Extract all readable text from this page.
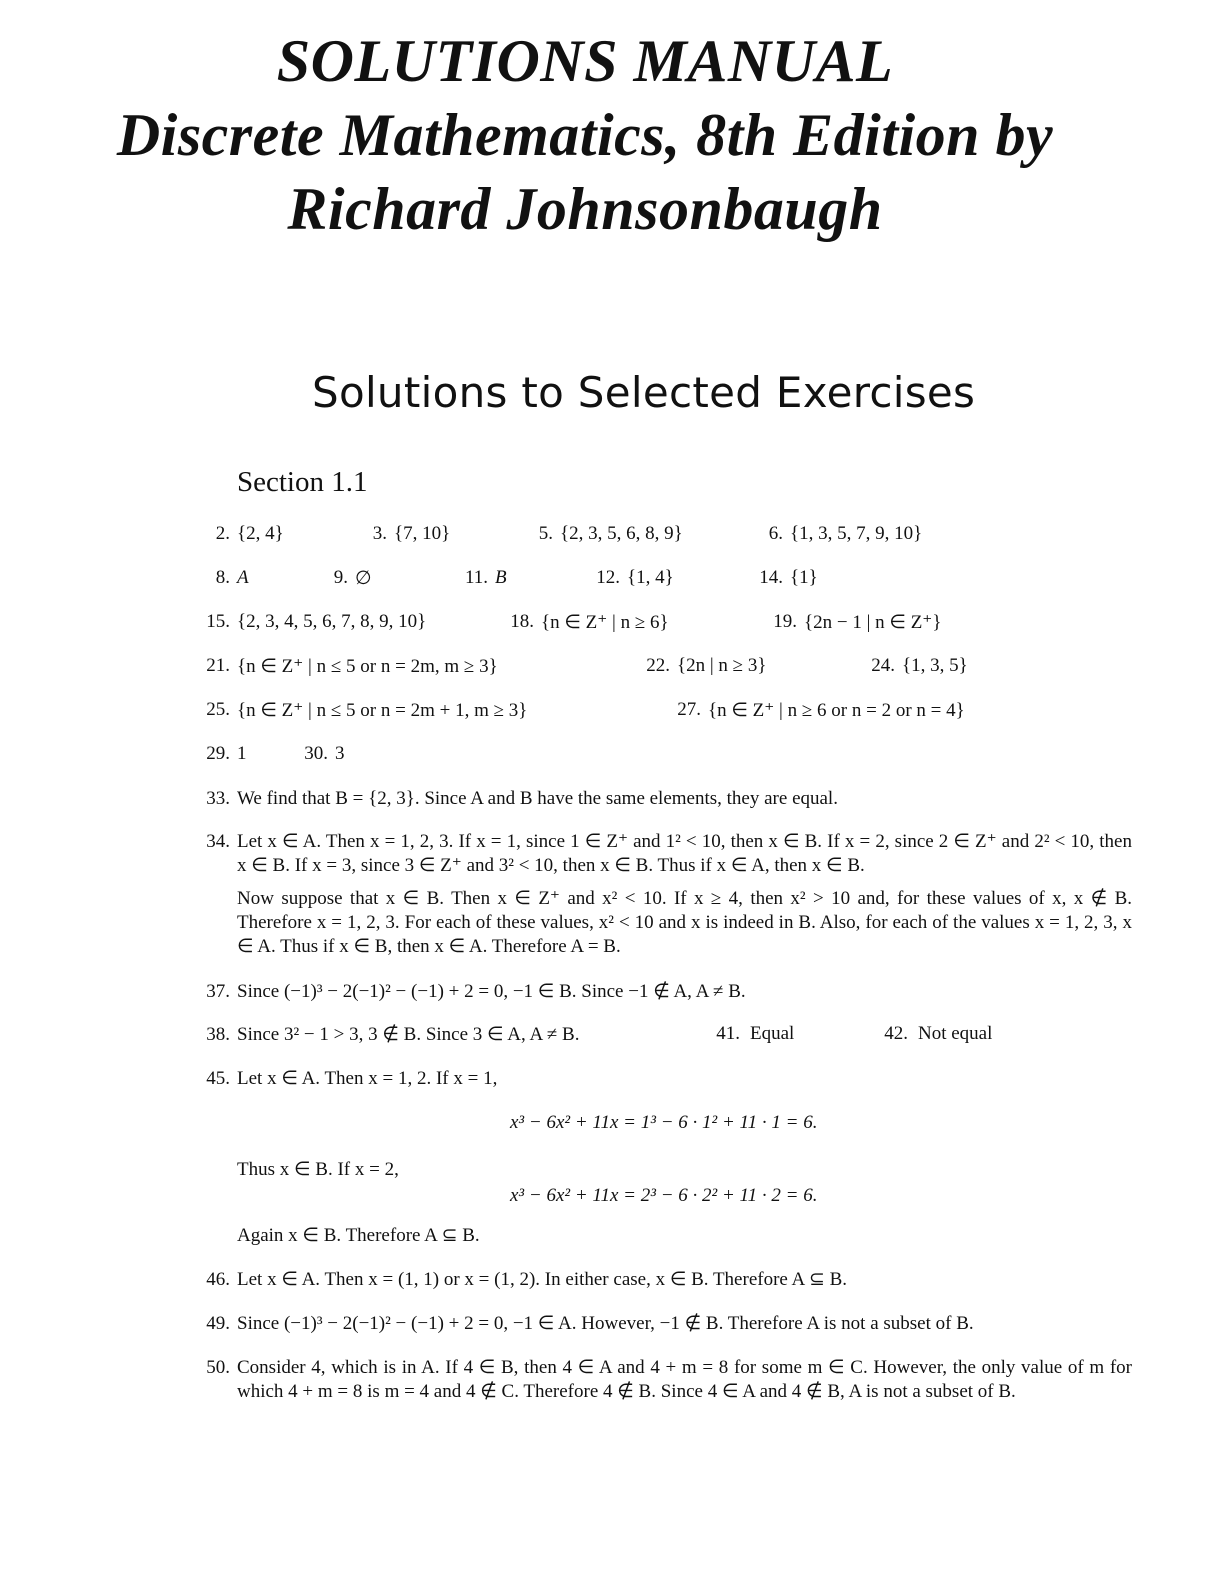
SOLUTIONS MANUAL
Discrete Mathematics, 8th Edition by
Richard Johnsonbaugh
Solutions to Selected Exercises
Section 1.1
2. {2, 4}	3. {7, 10}	5. {2, 3, 5, 6, 8, 9}	6. {1, 3, 5, 7, 9, 10}
8. A	9. ∅	11. B	12. {1, 4}	14. {1}
15. {2, 3, 4, 5, 6, 7, 8, 9, 10}	18. {n ∈ Z⁺ | n ≥ 6}	19. {2n − 1 | n ∈ Z⁺}
21. {n ∈ Z⁺ | n ≤ 5 or n = 2m, m ≥ 3}	22. {2n | n ≥ 3}	24. {1, 3, 5}
25. {n ∈ Z⁺ | n ≤ 5 or n = 2m + 1, m ≥ 3}	27. {n ∈ Z⁺ | n ≥ 6 or n = 2 or n = 4}
29. 1	30. 3
33. We find that B = {2, 3}. Since A and B have the same elements, they are equal.
34. Let x ∈ A. Then x = 1, 2, 3. If x = 1, since 1 ∈ Z⁺ and 1² < 10, then x ∈ B. If x = 2, since 2 ∈ Z⁺ and 2² < 10, then x ∈ B. If x = 3, since 3 ∈ Z⁺ and 3² < 10, then x ∈ B. Thus if x ∈ A, then x ∈ B.
Now suppose that x ∈ B. Then x ∈ Z⁺ and x² < 10. If x ≥ 4, then x² > 10 and, for these values of x, x ∉ B. Therefore x = 1, 2, 3. For each of these values, x² < 10 and x is indeed in B. Also, for each of the values x = 1, 2, 3, x ∈ A. Thus if x ∈ B, then x ∈ A. Therefore A = B.
37. Since (−1)³ − 2(−1)² − (−1) + 2 = 0, −1 ∈ B. Since −1 ∉ A, A ≠ B.
38. Since 3² − 1 > 3, 3 ∉ B. Since 3 ∈ A, A ≠ B.	41. Equal	42. Not equal
45. Let x ∈ A. Then x = 1, 2. If x = 1,
x³ − 6x² + 11x = 1³ − 6 · 1² + 11 · 1 = 6.
Thus x ∈ B. If x = 2,
x³ − 6x² + 11x = 2³ − 6 · 2² + 11 · 2 = 6.
Again x ∈ B. Therefore A ⊆ B.
46. Let x ∈ A. Then x = (1, 1) or x = (1, 2). In either case, x ∈ B. Therefore A ⊆ B.
49. Since (−1)³ − 2(−1)² − (−1) + 2 = 0, −1 ∈ A. However, −1 ∉ B. Therefore A is not a subset of B.
50. Consider 4, which is in A. If 4 ∈ B, then 4 ∈ A and 4 + m = 8 for some m ∈ C. However, the only value of m for which 4 + m = 8 is m = 4 and 4 ∉ C. Therefore 4 ∉ B. Since 4 ∈ A and 4 ∉ B, A is not a subset of B.
